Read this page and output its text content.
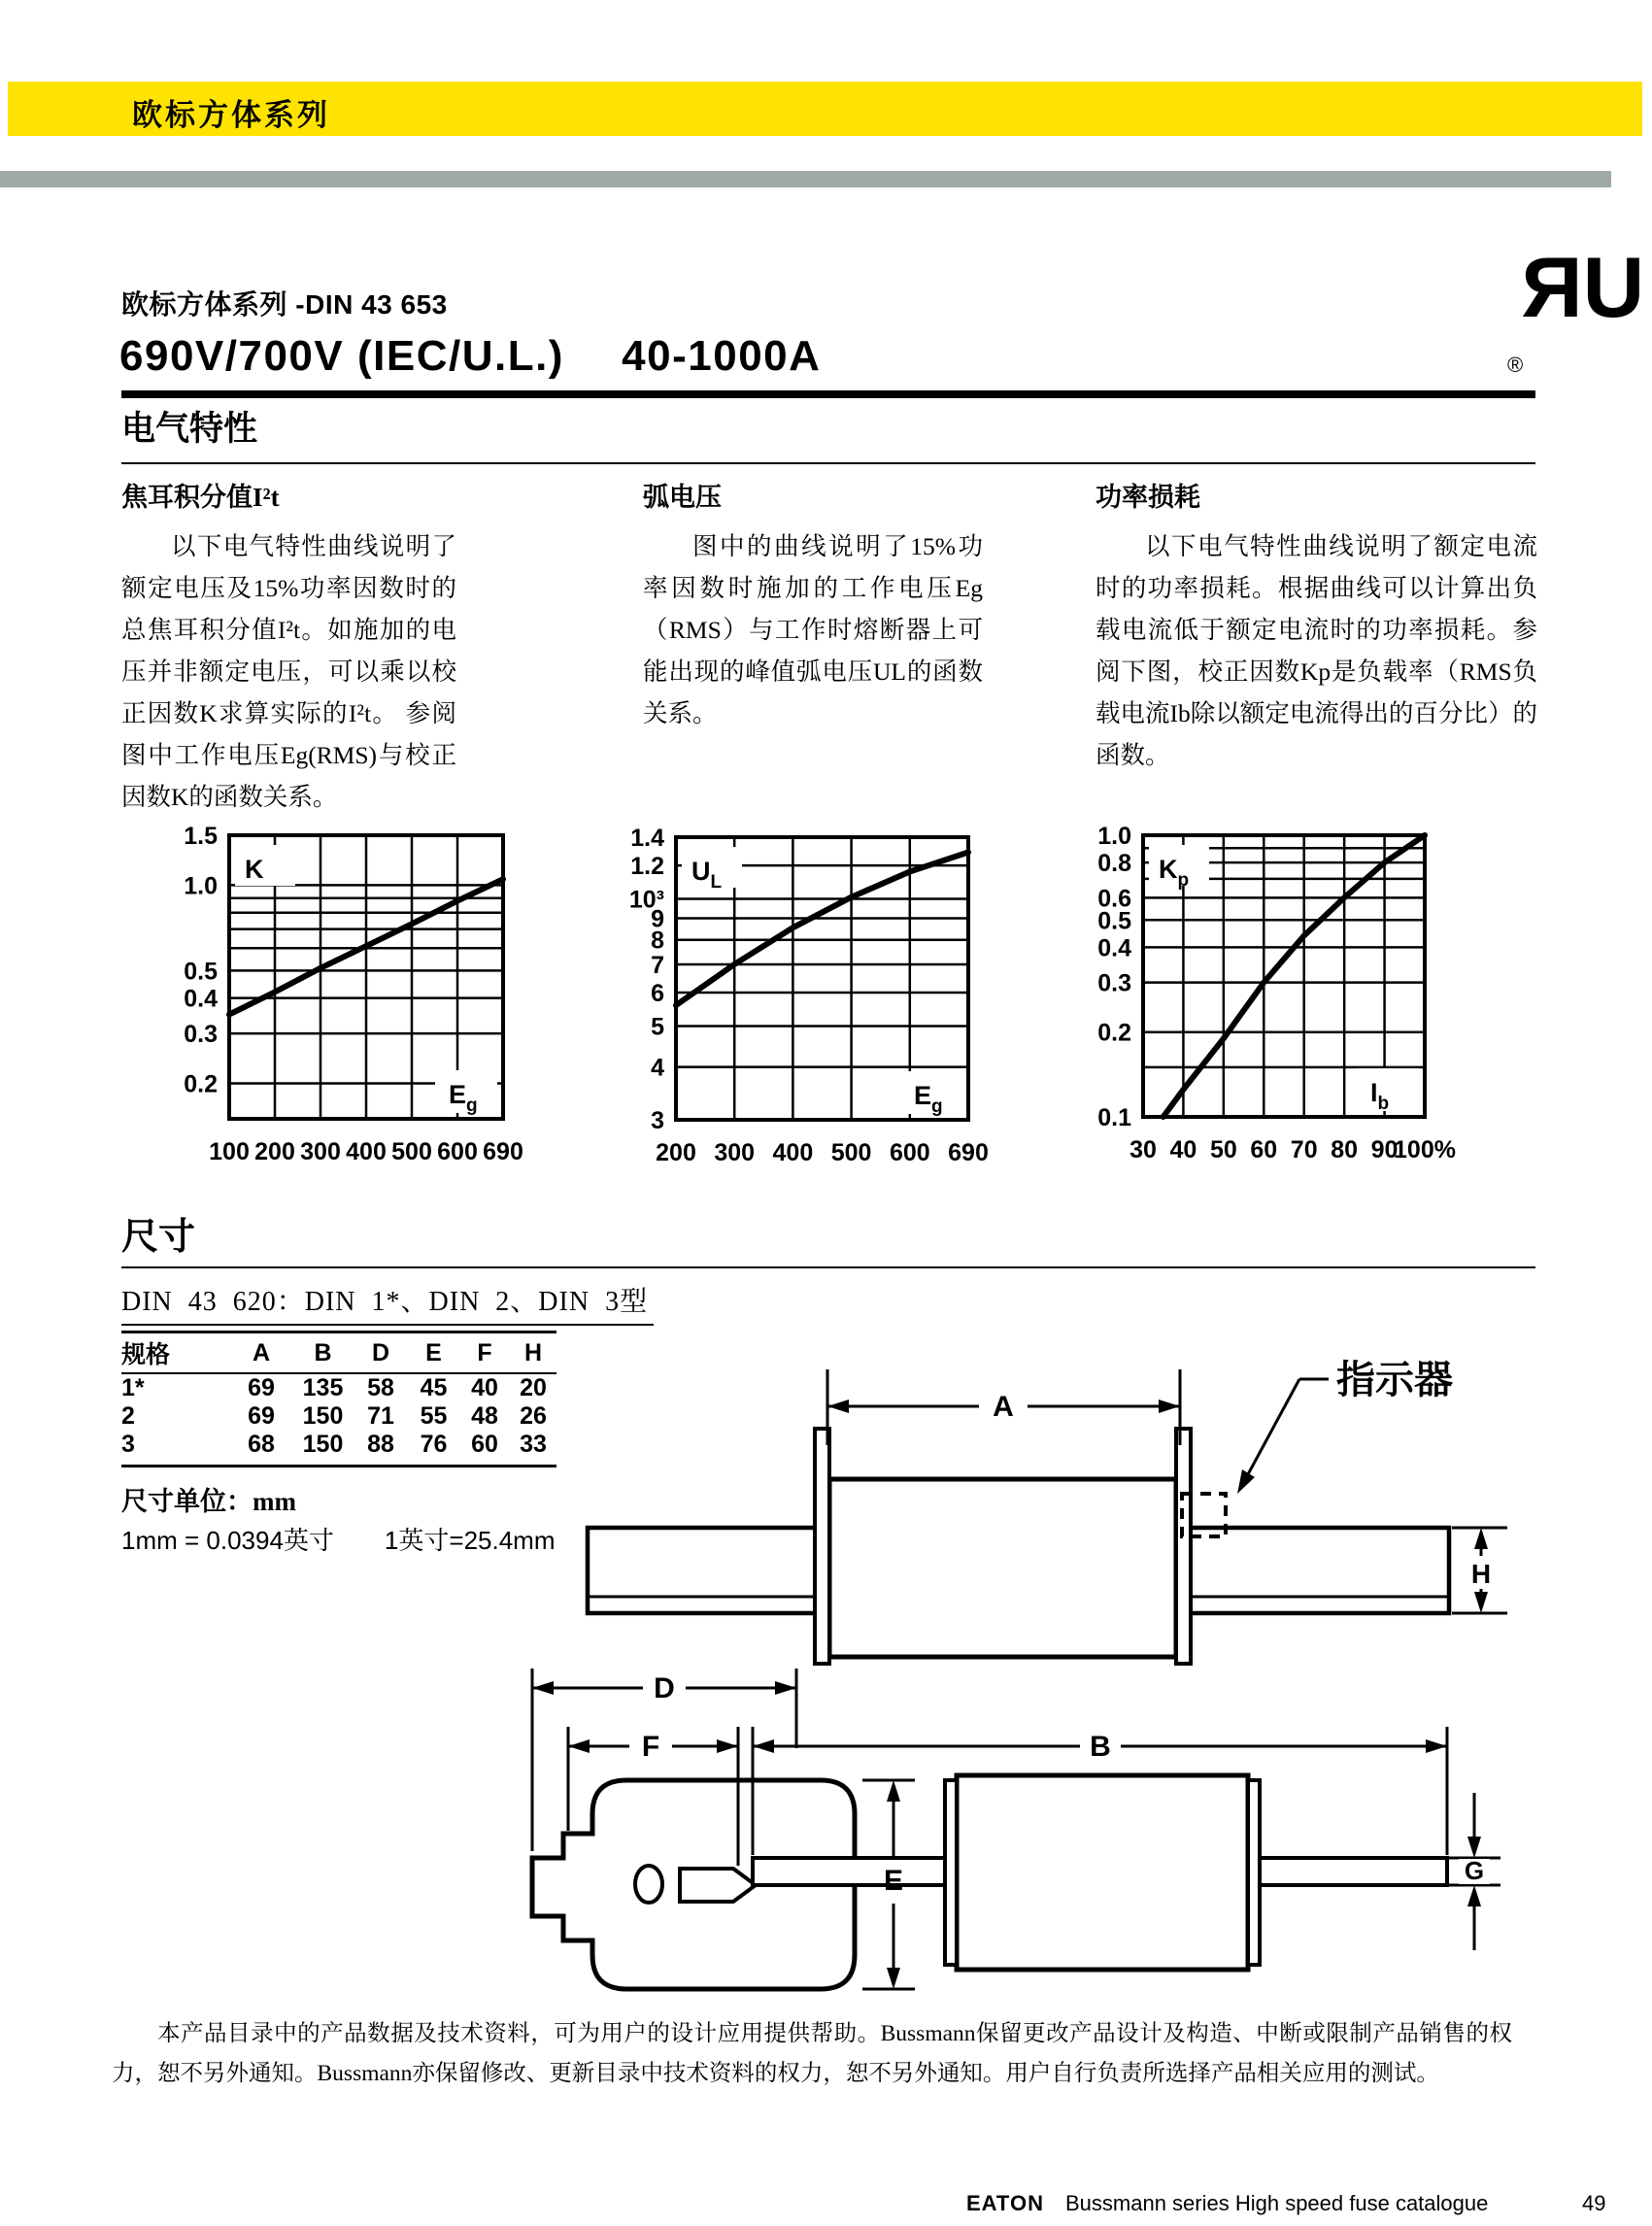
欧标方体系列
欧标方体系列 -DIN 43 653
690V/700V (IEC/U.L.)　 40-1000A
RU
®
电气特性
焦耳积分值I²t

以下电气特性曲线说明了额定电压及15%功率因数时的总焦耳积分值I²t。如施加的电压并非额定电压，可以乘以校正因数K求算实际的I²t。 参阅图中工作电压Eg(RMS)与校正因数K的函数关系。

弧电压

图中的曲线说明了15%功率因数时施加的工作电压Eg（RMS）与工作时熔断器上可能出现的峰值弧电压UL的函数关系。

功率损耗

以下电气特性曲线说明了额定电流时的功率损耗。根据曲线可以计算出负载电流低于额定电流时的功率损耗。参阅下图，校正因数Kp是负载率（RMS负载电流Ib除以额定电流得出的百分比）的函数。

尺寸
DIN 43 620：DIN 1*、DIN 2、DIN 3型
规格	A	B	D	E	F	H
1*	69	135	58	45	40	20
2	69	150	71	55	48	26
3	68	150	88	76	60	33
尺寸单位：mm
1mm = 0.0394英寸　　1英寸=25.4mm
A
H
D
F
E
B
G
指示器

本产品目录中的产品数据及技术资料，可为用户的设计应用提供帮助。Bussmann保留更改产品设计及构造、中断或限制产品销售的权力，恕不另外通知。Bussmann亦保留修改、更新目录中技术资料的权力，恕不另外通知。用户自行负责所选择产品相关应用的测试。

EATON Bussmann series High speed fuse catalogue	49
1.5
1.0
0.5
0.4
0.3
0.2
100 200 300 400 500 600 690
K
$E_g$
1.4
1.2
10³
9
8
7
6
5
4
3
200 300 400 500 600 690
$U_L$
$E_g$
1.0
0.8
0.6
0.5
0.4
0.3
0.2
0.1
30 40 50 60 70 80 90
100%
$K_p$
$I_b$
